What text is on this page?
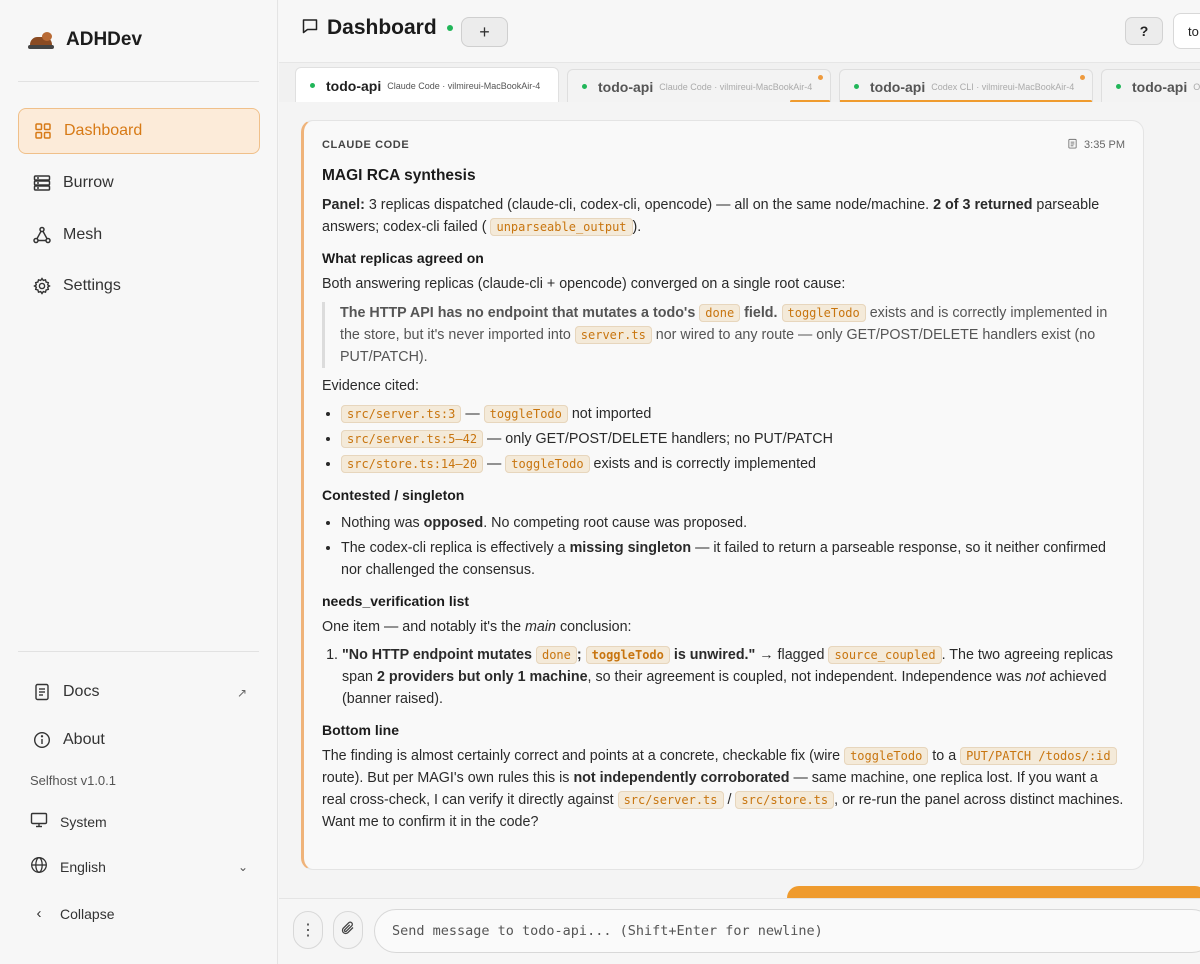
ADHDev
Dashboard
Burrow
Mesh
Settings
Docs	↗
About
Selfhost v1.0.1
System
English	⌄
‹	Collapse
Dashboard	+	?	to
todo-api Claude Code · vilmireui-MacBookAir-4	todo-api Claude Code · vilmireui-MacBookAir-4	todo-api Codex CLI · vilmireui-MacBookAir-4	todo-api O
CLAUDE CODE	3:35 PM
MAGI RCA synthesis

Panel: 3 replicas dispatched (claude-cli, codex-cli, opencode) — all on the same node/machine. 2 of 3 returned parseable answers; codex-cli failed ( unparseable_output ).

What replicas agreed on

Both answering replicas (claude-cli + opencode) converged on a single root cause:

The HTTP API has no endpoint that mutates a todo's done field. toggleTodo exists and is correctly implemented in the store, but it's never imported into server.ts nor wired to any route — only GET/POST/DELETE handlers exist (no PUT/PATCH).

Evidence cited:

• src/server.ts:3 — toggleTodo not imported
• src/server.ts:5–42 — only GET/POST/DELETE handlers; no PUT/PATCH
• src/store.ts:14–20 — toggleTodo exists and is correctly implemented
Contested / singleton
• Nothing was opposed. No competing root cause was proposed.
• The codex-cli replica is effectively a missing singleton — it failed to return a parseable response, so it neither confirmed nor challenged the consensus.
needs_verification list

One item — and notably it's the main conclusion:

1. "No HTTP endpoint mutates done ; toggleTodo is unwired." → flagged source_coupled . The two agreeing replicas span 2 providers but only 1 machine, so their agreement is coupled, not independent. Independence was not achieved (banner raised).
Bottom line

The finding is almost certainly correct and points at a concrete, checkable fix (wire toggleTodo to a PUT/PATCH /todos/:id route). But per MAGI's own rules this is not independently corroborated — same machine, one replica lost. If you want a real cross-check, I can verify it directly against src/server.ts / src/store.ts , or re-run the panel across distinct machines. Want me to confirm it in the code?

⋮
Send message to todo-api... (Shift+Enter for newline)
